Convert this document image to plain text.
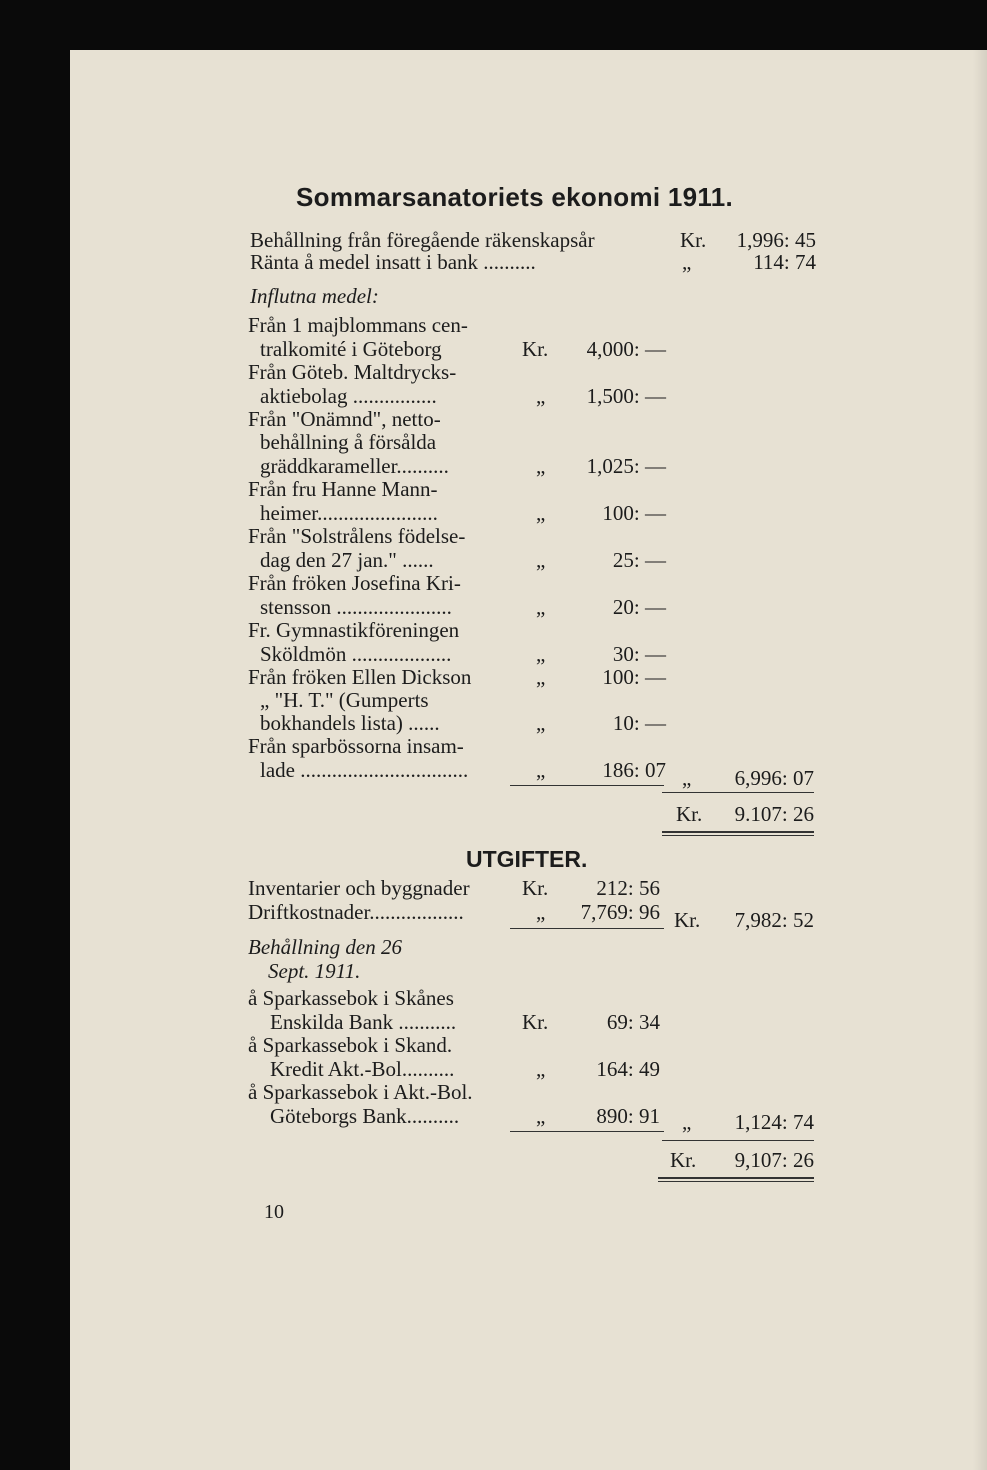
Sommarsanatoriets ekonomi 1911.
Behållning från föregående räkenskapsår	Kr.	1,996: 45
Ränta å medel insatt i bank ..........	„	114: 74
Influtna medel:
Från 1 majblommans cen-
tralkomité i Göteborg	Kr.	4,000: —
Från Göteb. Maltdrycks-
aktiebolag ................	„	1,500: —
Från "Onämnd", netto-
behållning å försålda
gräddkarameller..........	„	1,025: —
Från fru Hanne Mann-
heimer.......................	„	100: —
Från "Solstrålens födelse-
dag den 27 jan." ......	„	25: —
Från fröken Josefina Kri-
stensson ......................	„	20: —
Fr. Gymnastikföreningen
Sköldmön ...................	„	30: —
Från fröken Ellen Dickson	„	100: —
„ "H. T." (Gumperts
bokhandels lista) ......	„	10: —
Från sparbössorna insam-
lade ................................	„	186: 07 „	6,996: 07
Kr.	9.107: 26
UTGIFTER.
Inventarier och byggnader Kr.	212: 56
Driftkostnader..................	„	7,769: 96 Kr.	7,982: 52
Behållning den 26
Sept. 1911.
å Sparkassebok i Skånes
Enskilda Bank ...........	Kr.	69: 34
å Sparkassebok i Skand.
Kredit Akt.-Bol..........	„	164: 49
å Sparkassebok i Akt.-Bol.
Göteborgs Bank..........	„	890: 91 „	1,124: 74
Kr.	9,107: 26
10
